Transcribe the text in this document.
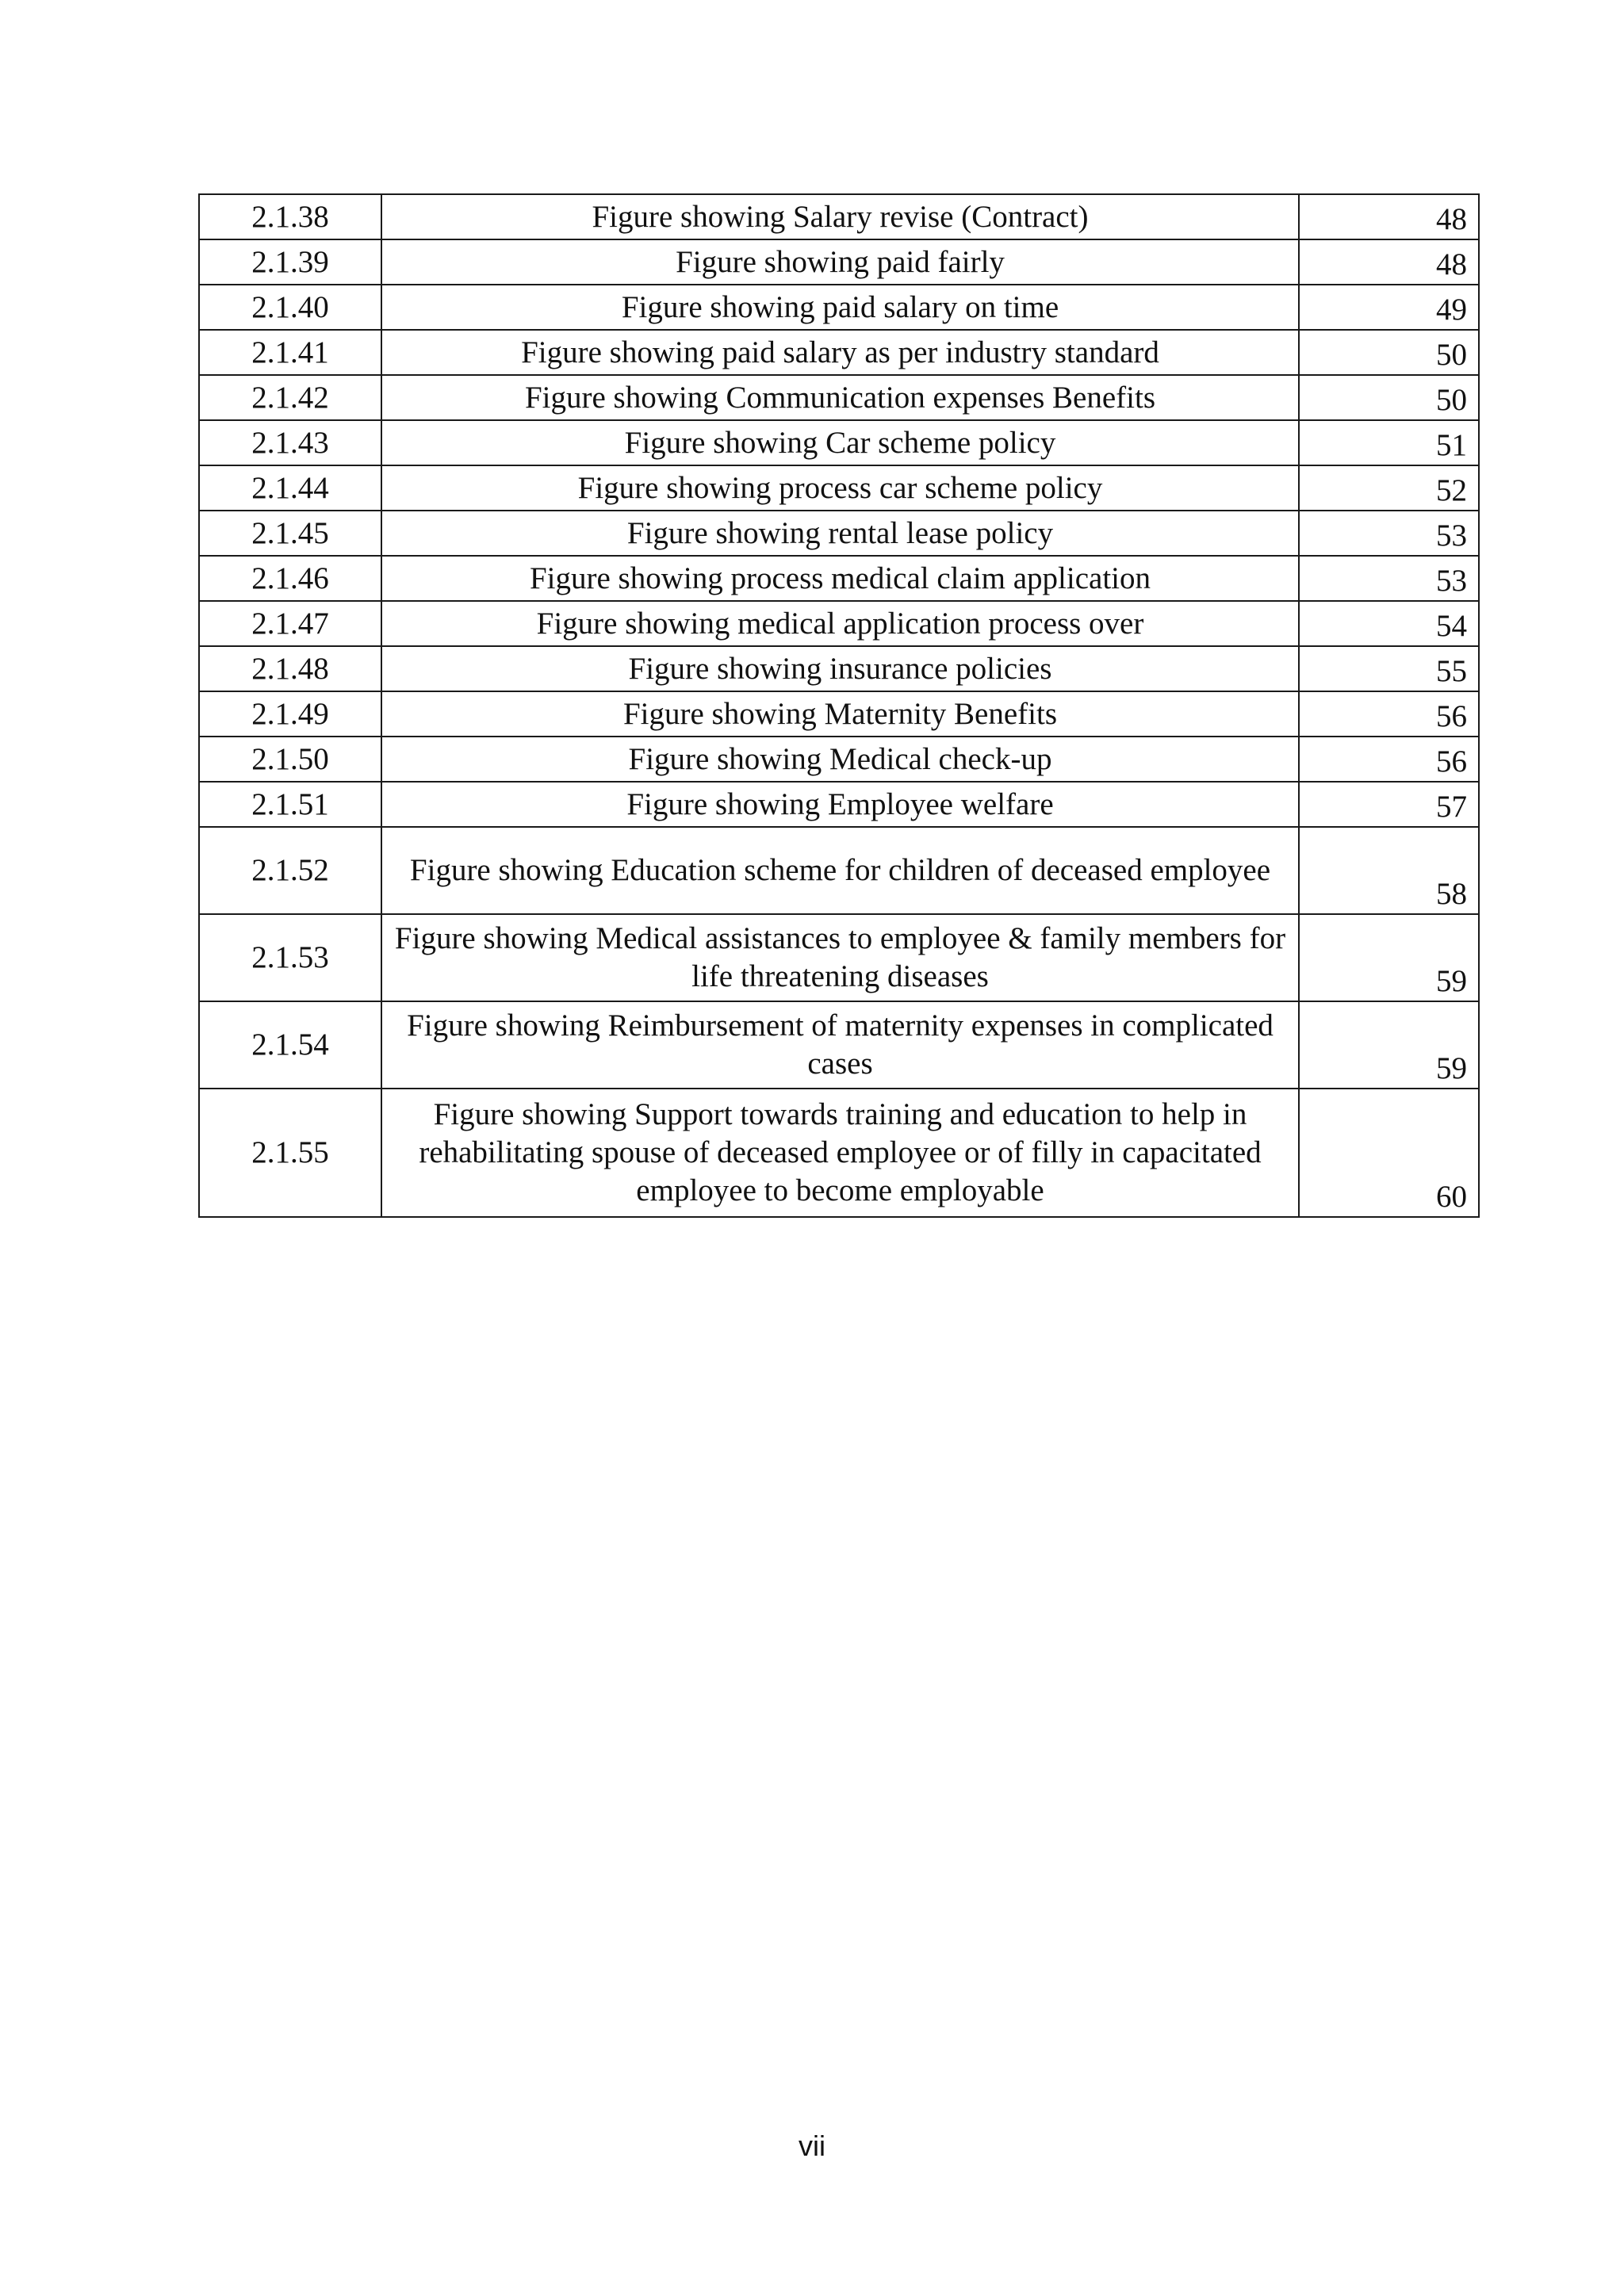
2.1.38	Figure showing Salary revise (Contract)	48
2.1.39	Figure showing paid fairly	48
2.1.40	Figure showing paid salary on time	49
2.1.41	Figure showing paid salary as per industry standard	50
2.1.42	Figure showing Communication expenses Benefits	50
2.1.43	Figure showing Car scheme policy	51
2.1.44	Figure showing process car scheme policy	52
2.1.45	Figure showing rental lease policy	53
2.1.46	Figure showing process medical claim application	53
2.1.47	Figure showing medical application process over	54
2.1.48	Figure showing insurance policies	55
2.1.49	Figure showing Maternity Benefits	56
2.1.50	Figure showing Medical check-up	56
2.1.51	Figure showing Employee welfare	57
2.1.52	Figure showing Education scheme for children of deceased employee	58
2.1.53	Figure showing Medical assistances to employee & family members for life threatening diseases	59
2.1.54	Figure showing Reimbursement of maternity expenses in complicated cases	59
2.1.55	Figure showing Support towards training and education to help in rehabilitating spouse of deceased employee or of filly in capacitated employee to become employable	60
vii
